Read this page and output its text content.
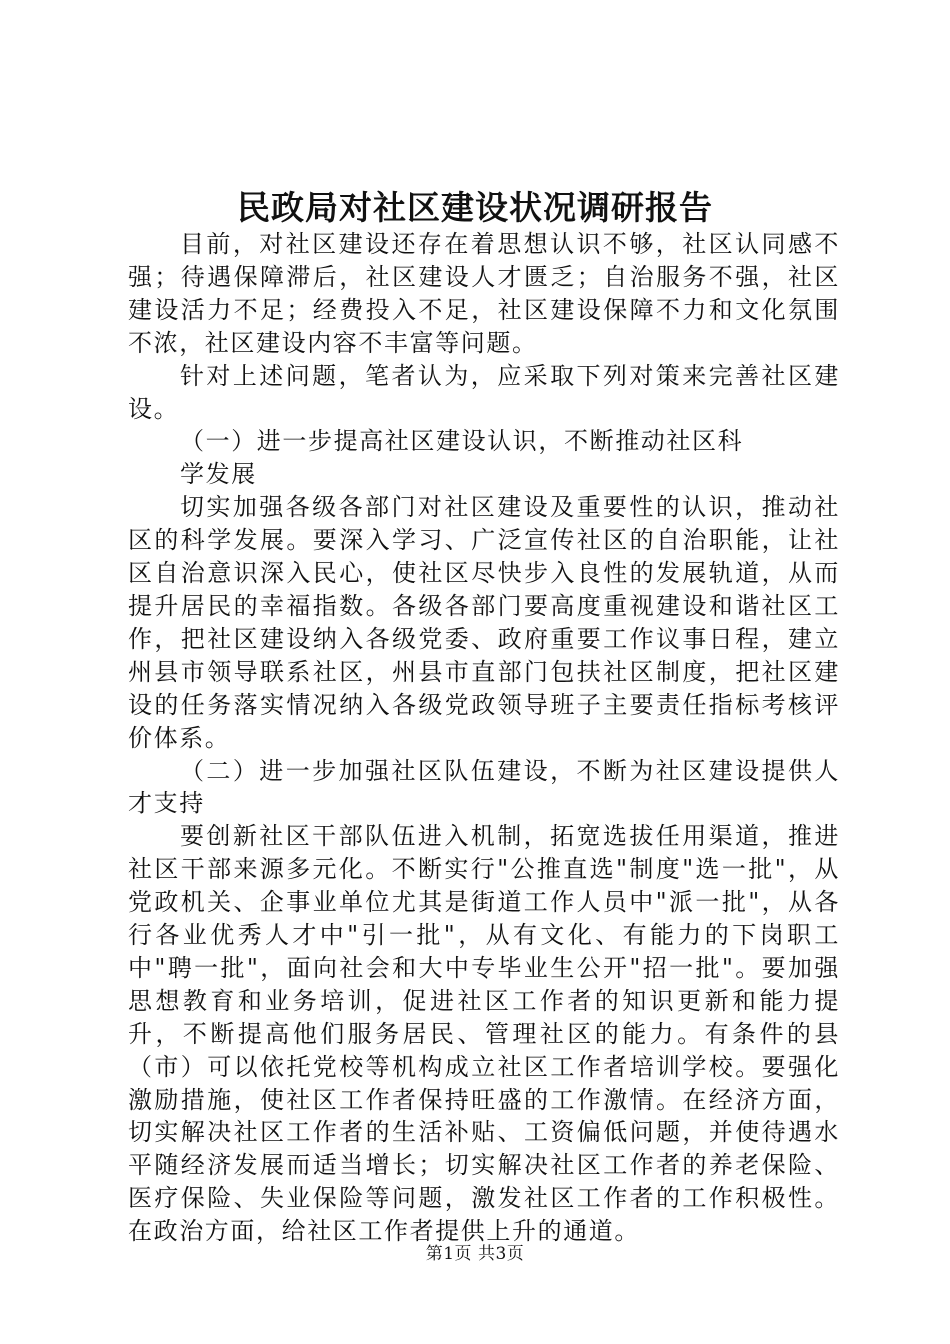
民政局对社区建设状况调研报告

目前，对社区建设还存在着思想认识不够，社区认同感不强；待遇保障滞后，社区建设人才匮乏；自治服务不强，社区建设活力不足；经费投入不足，社区建设保障不力和文化氛围不浓，社区建设内容不丰富等问题。

针对上述问题，笔者认为，应采取下列对策来完善社区建设。

（一）进一步提高社区建设认识，不断推动社区科

学发展

切实加强各级各部门对社区建设及重要性的认识，推动社区的科学发展。要深入学习、广泛宣传社区的自治职能，让社区自治意识深入民心，使社区尽快步入良性的发展轨道，从而提升居民的幸福指数。各级各部门要高度重视建设和谐社区工作，把社区建设纳入各级党委、政府重要工作议事日程，建立州县市领导联系社区，州县市直部门包扶社区制度，把社区建设的任务落实情况纳入各级党政领导班子主要责任指标考核评价体系。

（二）进一步加强社区队伍建设，不断为社区建设提供人才支持

要创新社区干部队伍进入机制，拓宽选拔任用渠道，推进社区干部来源多元化。不断实行"公推直选"制度"选一批"，从党政机关、企事业单位尤其是街道工作人员中"派一批"，从各行各业优秀人才中"引一批"，从有文化、有能力的下岗职工中"聘一批"，面向社会和大中专毕业生公开"招一批"。要加强思想教育和业务培训，促进社区工作者的知识更新和能力提升，不断提高他们服务居民、管理社区的能力。有条件的县（市）可以依托党校等机构成立社区工作者培训学校。要强化激励措施，使社区工作者保持旺盛的工作激情。在经济方面，切实解决社区工作者的生活补贴、工资偏低问题，并使待遇水平随经济发展而适当增长；切实解决社区工作者的养老保险、医疗保险、失业保险等问题，激发社区工作者的工作积极性。在政治方面，给社区工作者提供上升的通道。

第1页 共3页
